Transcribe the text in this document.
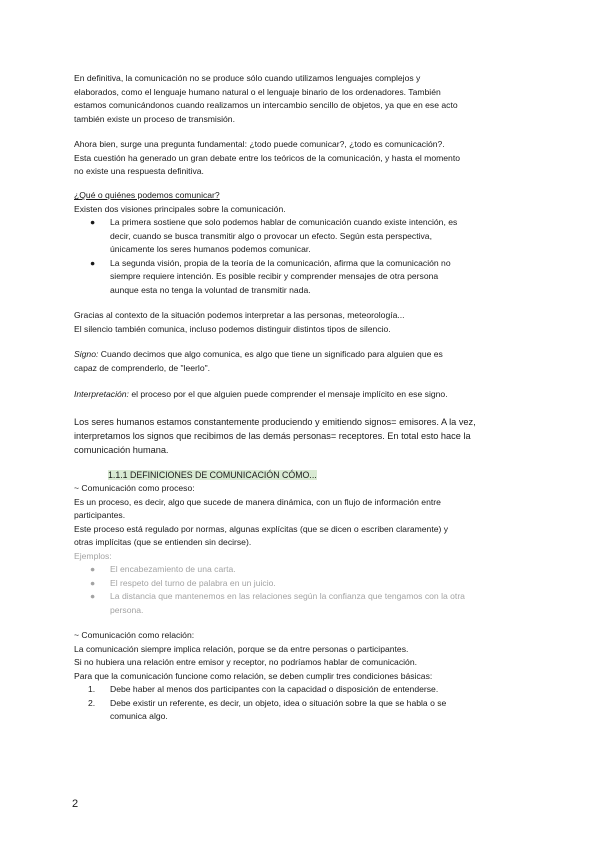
En definitiva, la comunicación no se produce sólo cuando utilizamos lenguajes complejos y
elaborados, como el lenguaje humano natural o el lenguaje binario de los ordenadores. También
estamos comunicándonos cuando realizamos un intercambio sencillo de objetos, ya que en ese acto
también existe un proceso de transmisión.
Ahora bien, surge una pregunta fundamental: ¿todo puede comunicar?, ¿todo es comunicación?.
Esta cuestión ha generado un gran debate entre los teóricos de la comunicación, y hasta el momento
no existe una respuesta definitiva.
¿Qué o quiénes podemos comunicar?
Existen dos visiones principales sobre la comunicación.
● La primera sostiene que solo podemos hablar de comunicación cuando existe intención, es
decir, cuando se busca transmitir algo o provocar un efecto. Según esta perspectiva,
únicamente los seres humanos podemos comunicar.
● La segunda visión, propia de la teoría de la comunicación, afirma que la comunicación no
siempre requiere intención. Es posible recibir y comprender mensajes de otra persona
aunque esta no tenga la voluntad de transmitir nada.
Gracias al contexto de la situación podemos interpretar a las personas, meteorología...
El silencio también comunica, incluso podemos distinguir distintos tipos de silencio.
Signo: Cuando decimos que algo comunica, es algo que tiene un significado para alguien que es
capaz de comprenderlo, de "leerlo".
Interpretación: el proceso por el que alguien puede comprender el mensaje implícito en ese signo.
Los seres humanos estamos constantemente produciendo y emitiendo signos= emisores. A la vez,
interpretamos los signos que recibimos de las demás personas= receptores. En total esto hace la
comunicación humana.
1.1.1 DEFINICIONES DE COMUNICACIÓN CÓMO...
~ Comunicación como proceso:
Es un proceso, es decir, algo que sucede de manera dinámica, con un flujo de información entre
participantes.
Este proceso está regulado por normas, algunas explícitas (que se dicen o escriben claramente) y
otras implícitas (que se entienden sin decirse).
Ejemplos:
● El encabezamiento de una carta.
● El respeto del turno de palabra en un juicio.
● La distancia que mantenemos en las relaciones según la confianza que tengamos con la otra
persona.
~ Comunicación como relación:
La comunicación siempre implica relación, porque se da entre personas o participantes.
Si no hubiera una relación entre emisor y receptor, no podríamos hablar de comunicación.
Para que la comunicación funcione como relación, se deben cumplir tres condiciones básicas:
1. Debe haber al menos dos participantes con la capacidad o disposición de entenderse.
2. Debe existir un referente, es decir, un objeto, idea o situación sobre la que se habla o se
comunica algo.
2
